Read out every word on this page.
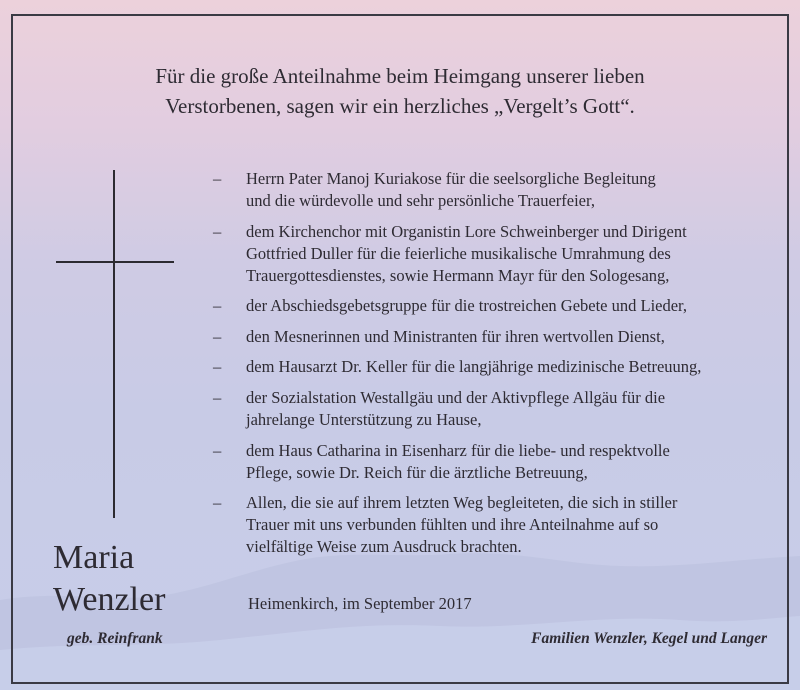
Für die große Anteilnahme beim Heimgang unserer lieben
Verstorbenen, sagen wir ein herzliches „Vergelt’s Gott“.
– Herrn Pater Manoj Kuriakose für die seelsorgliche Begleitung
und die würdevolle und sehr persönliche Trauerfeier,
– dem Kirchenchor mit Organistin Lore Schweinberger und Dirigent
Gottfried Duller für die feierliche musikalische Umrahmung des
Trauergottesdienstes, sowie Hermann Mayr für den Sologesang,
– der Abschiedsgebetsgruppe für die trostreichen Gebete und Lieder,
– den Mesnerinnen und Ministranten für ihren wertvollen Dienst,
– dem Hausarzt Dr. Keller für die langjährige medizinische Betreuung,
– der Sozialstation Westallgäu und der Aktivpflege Allgäu für die
jahrelange Unterstützung zu Hause,
– dem Haus Catharina in Eisenharz für die liebe- und respektvolle
Pflege, sowie Dr. Reich für die ärztliche Betreuung,
– Allen, die sie auf ihrem letzten Weg begleiteten, die sich in stiller
Trauer mit uns verbunden fühlten und ihre Anteilnahme auf so
vielfältige Weise zum Ausdruck brachten.
Maria
Wenzler
geb. Reinfrank
Heimenkirch, im September 2017
Familien Wenzler, Kegel und Langer
